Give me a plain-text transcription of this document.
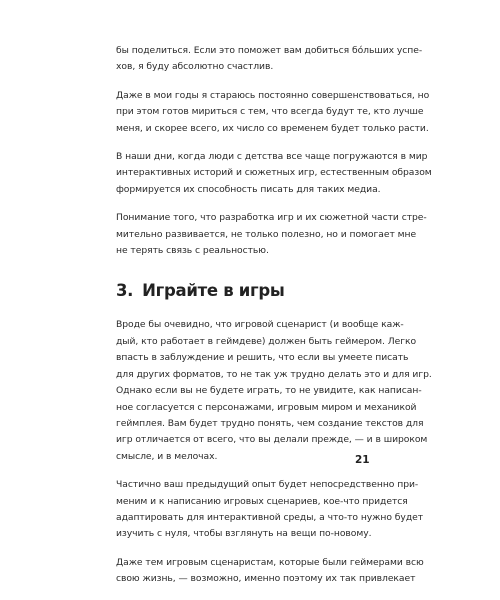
бы поделиться. Если это поможет вам добиться бо́льших успе-
хов, я буду абсолютно счастлив.

Даже в мои годы я стараюсь постоянно совершенствоваться, но
при этом готов мириться с тем, что всегда будут те, кто лучше
меня, и скорее всего, их число со временем будет только расти.

В наши дни, когда люди с детства все чаще погружаются в мир
интерактивных историй и сюжетных игр, естественным образом
формируется их способность писать для таких медиа.

Понимание того, что разработка игр и их сюжетной части стре-
мительно развивается, не только полезно, но и помогает мне
не терять связь с реальностью.

3. Играйте в игры

Вроде бы очевидно, что игровой сценарист (и вообще каж-
дый, кто работает в геймдеве) должен быть геймером. Легко
впасть в заблуждение и решить, что если вы умеете писать
для других форматов, то не так уж трудно делать это и для игр.
Однако если вы не будете играть, то не увидите, как написан-
ное согласуется с персонажами, игровым миром и механикой
геймплея. Вам будет трудно понять, чем создание текстов для
игр отличается от всего, что вы делали прежде, — и в широком
смысле, и в мелочах.

Частично ваш предыдущий опыт будет непосредственно при-
меним и к написанию игровых сценариев, кое-что придется
адаптировать для интерактивной среды, а что-то нужно будет
изучить с нуля, чтобы взглянуть на вещи по-новому.

Даже тем игровым сценаристам, которые были геймерами всю
свою жизнь, — возможно, именно поэтому их так привлекает

21
